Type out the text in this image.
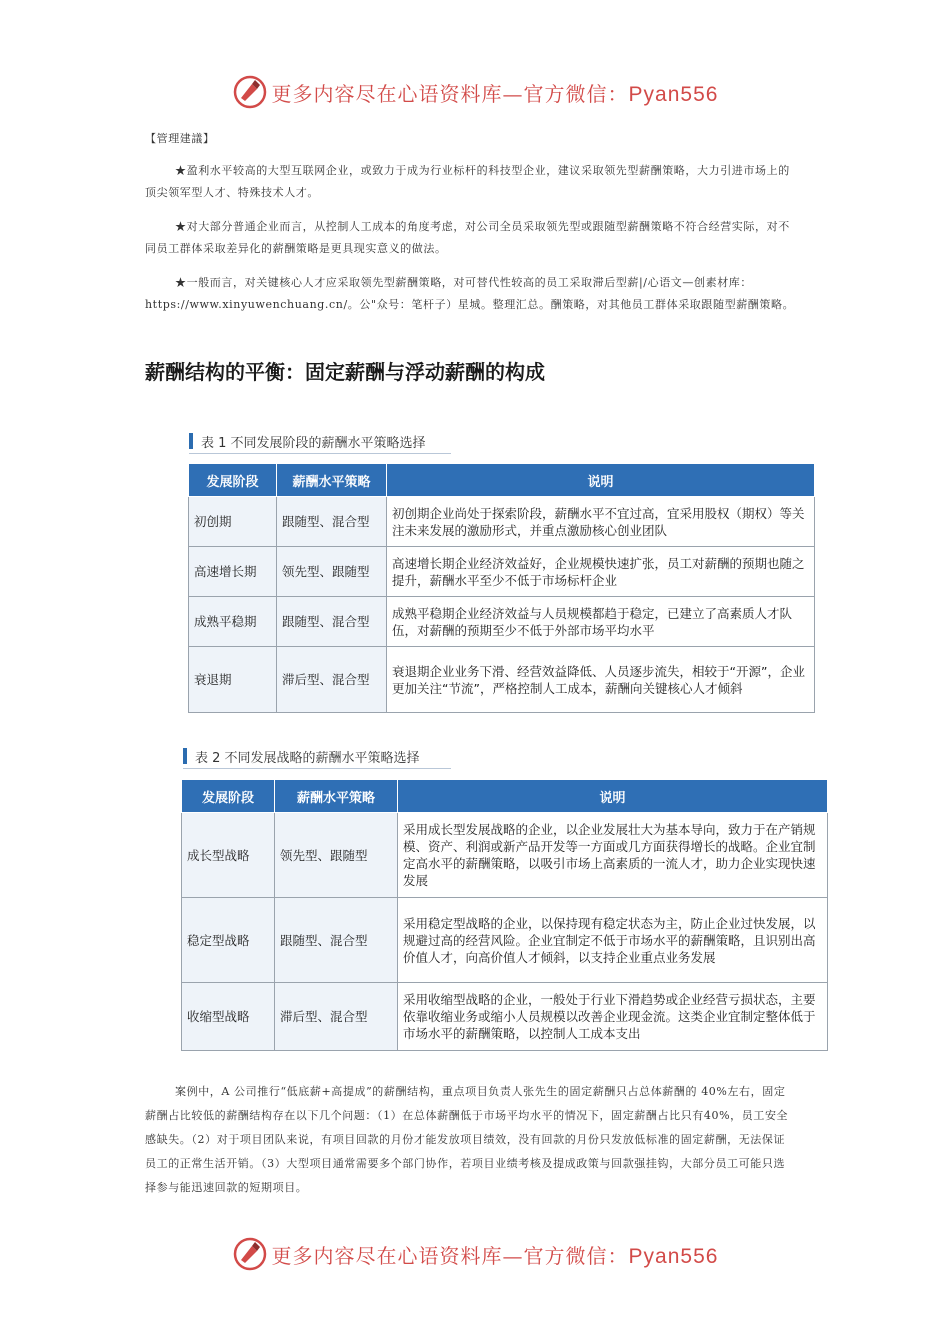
更多内容尽在心语资料库—官方微信：Pyan556

【管理建議】

★盈利水平较高的大型互联网企业，或致力于成为行业标杆的科技型企业，建议采取领先型薪酬策略，大力引进市场上的顶尖领军型人才、特殊技术人才。

★对大部分普通企业而言，从控制人工成本的角度考虑，对公司全员采取领先型或跟随型薪酬策略不符合经营实际，对不同员工群体采取差异化的薪酬策略是更具现实意义的做法。

★一般而言，对关键核心人才应采取领先型薪酬策略，对可替代性较高的员工采取滞后型薪|/心语文—创素材库：https://www.xinyuwenchuang.cn/。公"众号：笔杆子）星城。整理汇总。酬策略，对其他员工群体采取跟随型薪酬策略。

薪酬结构的平衡：固定薪酬与浮动薪酬的构成
表 1 不同发展阶段的薪酬水平策略选择
发展阶段	薪酬水平策略	说明
初创期	跟随型、混合型	初创期企业尚处于探索阶段，薪酬水平不宜过高，宜采用股权（期权）等关注未来发展的激励形式，并重点激励核心创业团队
高速增长期	领先型、跟随型	高速增长期企业经济效益好，企业规模快速扩张，员工对薪酬的预期也随之提升，薪酬水平至少不低于市场标杆企业
成熟平稳期	跟随型、混合型	成熟平稳期企业经济效益与人员规模都趋于稳定，已建立了高素质人才队伍，对薪酬的预期至少不低于外部市场平均水平
衰退期	滞后型、混合型	衰退期企业业务下滑、经营效益降低、人员逐步流失，相较于“开源”，企业更加关注“节流”，严格控制人工成本，薪酬向关键核心人才倾斜
表 2 不同发展战略的薪酬水平策略选择
发展阶段	薪酬水平策略	说明
成长型战略	领先型、跟随型	采用成长型发展战略的企业，以企业发展壮大为基本导向，致力于在产销规模、资产、利润或新产品开发等一方面或几方面获得增长的战略。企业宜制定高水平的薪酬策略，以吸引市场上高素质的一流人才，助力企业实现快速发展
稳定型战略	跟随型、混合型	采用稳定型战略的企业，以保持现有稳定状态为主，防止企业过快发展，以规避过高的经营风险。企业宜制定不低于市场水平的薪酬策略，且识别出高价值人才，向高价值人才倾斜，以支持企业重点业务发展
收缩型战略	滞后型、混合型	采用收缩型战略的企业，一般处于行业下滑趋势或企业经营亏损状态，主要依靠收缩业务或缩小人员规模以改善企业现金流。这类企业宜制定整体低于市场水平的薪酬策略，以控制人工成本支出

案例中，A 公司推行“低底薪+高提成”的薪酬结构，重点项目负责人张先生的固定薪酬只占总体薪酬的 40%左右，固定薪酬占比较低的薪酬结构存在以下几个问题：（1）在总体薪酬低于市场平均水平的情况下，固定薪酬占比只有40%，员工安全感缺失。（2）对于项目团队来说，有项目回款的月份才能发放项目绩效，没有回款的月份只发放低标准的固定薪酬，无法保证员工的正常生活开销。（3）大型项目通常需要多个部门协作，若项目业绩考核及提成政策与回款强挂钩，大部分员工可能只选择参与能迅速回款的短期项目。

更多内容尽在心语资料库—官方微信：Pyan556
